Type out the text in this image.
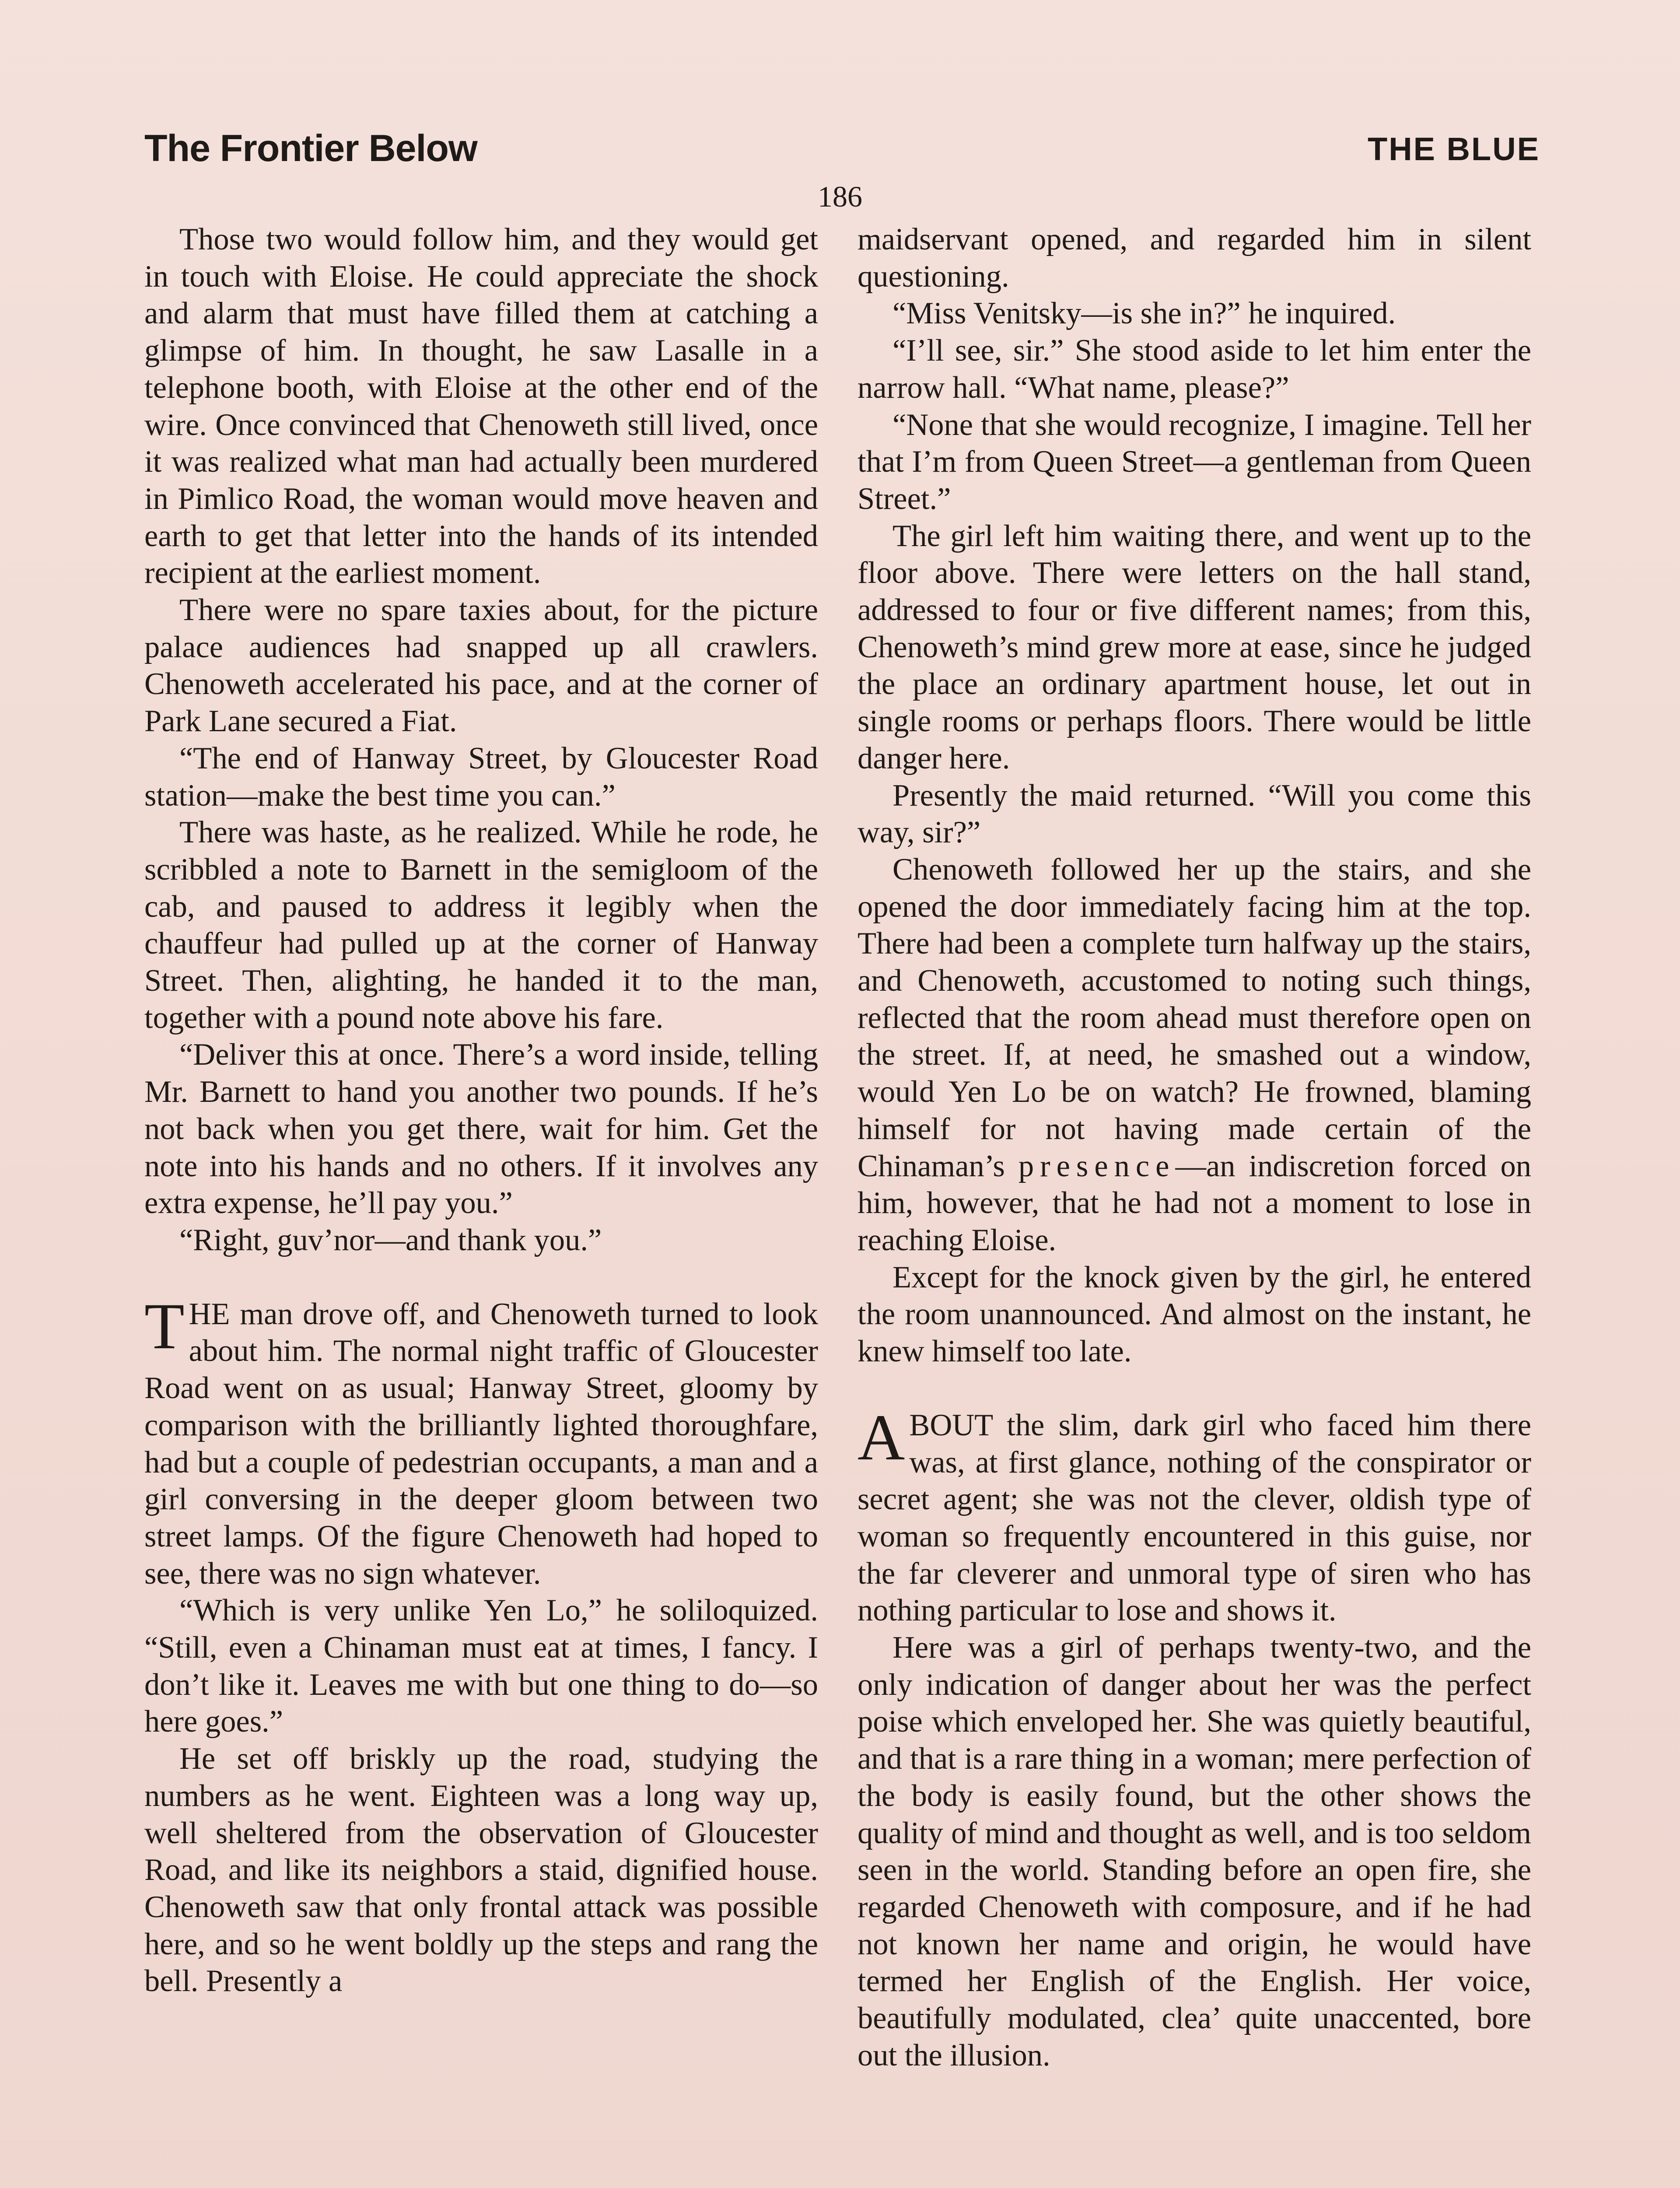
The Frontier Below	THE BLUE
186

Those two would follow him, and they would get in touch with Eloise. He could appreciate the shock and alarm that must have filled them at catching a glimpse of him. In thought, he saw Lasalle in a telephone booth, with Eloise at the other end of the wire. Once convinced that Chenoweth still lived, once it was realized what man had actually been murdered in Pimlico Road, the woman would move heaven and earth to get that letter into the hands of its intended recipient at the earliest moment.

There were no spare taxies about, for the picture palace audiences had snapped up all crawlers. Chenoweth accelerated his pace, and at the corner of Park Lane secured a Fiat.

“The end of Hanway Street, by Gloucester Road station—make the best time you can.”

There was haste, as he realized. While he rode, he scribbled a note to Barnett in the semigloom of the cab, and paused to address it legibly when the chauffeur had pulled up at the corner of Hanway Street. Then, alighting, he handed it to the man, together with a pound note above his fare.

“Deliver this at once. There’s a word inside, telling Mr. Barnett to hand you another two pounds. If he’s not back when you get there, wait for him. Get the note into his hands and no others. If it involves any extra expense, he’ll pay you.”

“Right, guv’nor—and thank you.”

THE man drove off, and Chenoweth turned to look about him. The normal night traffic of Gloucester Road went on as usual; Hanway Street, gloomy by comparison with the brilliantly lighted thoroughfare, had but a couple of pedestrian occupants, a man and a girl conversing in the deeper gloom between two street lamps. Of the figure Chenoweth had hoped to see, there was no sign whatever.

“Which is very unlike Yen Lo,” he soliloquized. “Still, even a Chinaman must eat at times, I fancy. I don’t like it. Leaves me with but one thing to do—so here goes.”

He set off briskly up the road, studying the numbers as he went. Eighteen was a long way up, well sheltered from the observation of Gloucester Road, and like its neighbors a staid, dignified house. Chenoweth saw that only frontal attack was possible here, and so he went boldly up the steps and rang the bell. Presently a

maidservant opened, and regarded him in silent questioning.

“Miss Venitsky—is she in?” he inquired.

“I’ll see, sir.” She stood aside to let him enter the narrow hall. “What name, please?”

“None that she would recognize, I imagine. Tell her that I’m from Queen Street—a gentleman from Queen Street.”

The girl left him waiting there, and went up to the floor above. There were letters on the hall stand, addressed to four or five different names; from this, Chenoweth’s mind grew more at ease, since he judged the place an ordinary apartment house, let out in single rooms or perhaps floors. There would be little danger here.

Presently the maid returned. “Will you come this way, sir?”

Chenoweth followed her up the stairs, and she opened the door immediately facing him at the top. There had been a complete turn halfway up the stairs, and Chenoweth, accustomed to noting such things, reflected that the room ahead must therefore open on the street. If, at need, he smashed out a window, would Yen Lo be on watch? He frowned, blaming himself for not having made certain of the Chinaman’s presence—an indiscretion forced on him, however, that he had not a moment to lose in reaching Eloise.

Except for the knock given by the girl, he entered the room unannounced. And almost on the instant, he knew himself too late.

ABOUT the slim, dark girl who faced him there was, at first glance, nothing of the conspirator or secret agent; she was not the clever, oldish type of woman so frequently encountered in this guise, nor the far cleverer and unmoral type of siren who has nothing particular to lose and shows it.

Here was a girl of perhaps twenty-two, and the only indication of danger about her was the perfect poise which enveloped her. She was quietly beautiful, and that is a rare thing in a woman; mere perfection of the body is easily found, but the other shows the quality of mind and thought as well, and is too seldom seen in the world. Standing before an open fire, she regarded Chenoweth with composure, and if he had not known her name and origin, he would have termed her English of the English. Her voice, beautifully modulated, clea’ quite unaccented, bore out the illusion.
